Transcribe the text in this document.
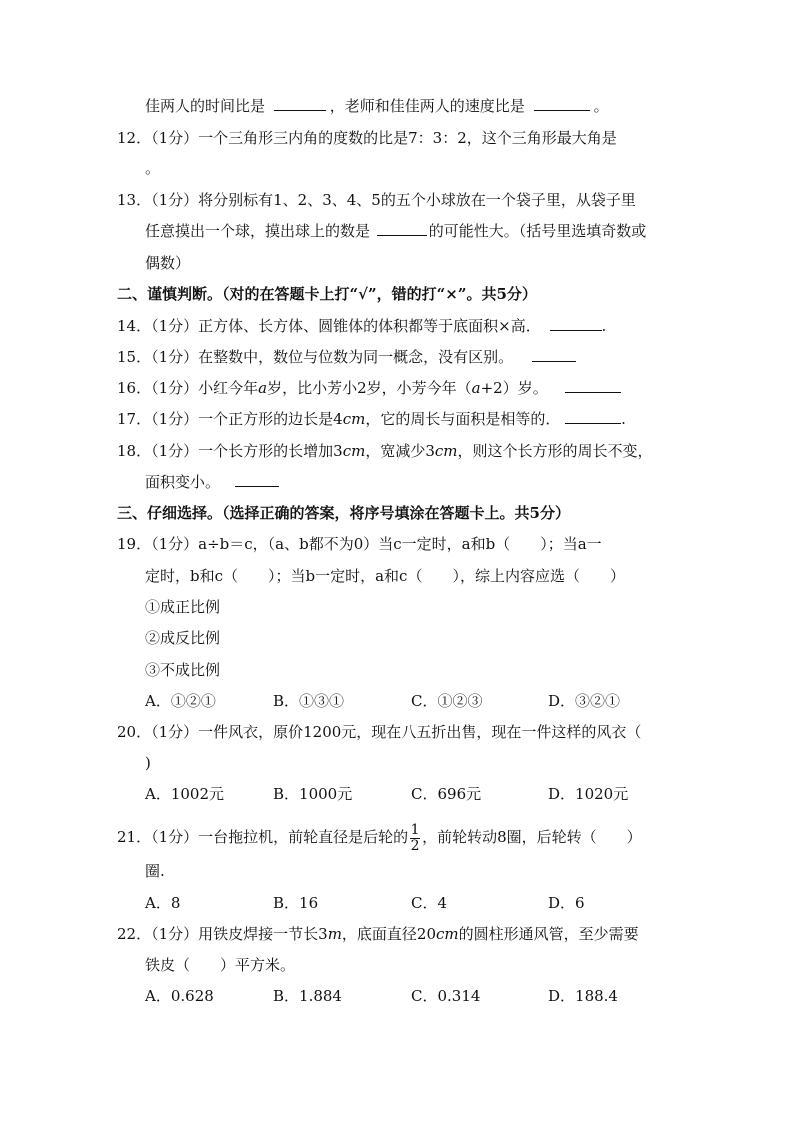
佳两人的时间比是	，老师和佳佳两人的速度比是	。
12．（1分）一个三角形三内角的度数的比是7：3：2，这个三角形最大角是
。
13．（1分）将分别标有1、2、3、4、5的五个小球放在一个袋子里，从袋子里
任意摸出一个球，摸出球上的数是	的可能性大。（括号里选填奇数或
偶数）
二、谨慎判断。（对的在答题卡上打“√”，错的打“×”。共5分）
14．（1分）正方体、长方体、圆锥体的体积都等于底面积×高．	.
15．（1分）在整数中，数位与位数为同一概念，没有区别。
16．（1分）小红今年a岁，比小芳小2岁，小芳今年（a+2）岁。
17．（1分）一个正方形的边长是4cm，它的周长与面积是相等的．	.
18．（1分）一个长方形的长增加3cm，宽减少3cm，则这个长方形的周长不变，
面积变小。
三、仔细选择。（选择正确的答案，将序号填涂在答题卡上。共5分）
19．（1分）a÷b＝c，（a、b都不为0）当c一定时，a和b（　　）；当a一
定时，b和c（　　）；当b一定时，a和c（　　），综上内容应选（　　）
①成正比例
②成反比例
③不成比例
A．①②①	B．①③①	C．①②③	D．③②①
20．（1分）一件风衣，原价1200元，现在八五折出售，现在一件这样的风衣（
)
A．1002元	B．1000元	C．696元	D．1020元
21．（1分）一台拖拉机，前轮直径是后轮的 $\frac{1}{2}$ ，前轮转动8圈，后轮转（　　）
圈.
A．8	B．16	C．4	D．6
22．（1分）用铁皮焊接一节长3m，底面直径20cm的圆柱形通风管，至少需要
铁皮（　　）平方米。
A．0.628	B．1.884	C．0.314	D．188.4
